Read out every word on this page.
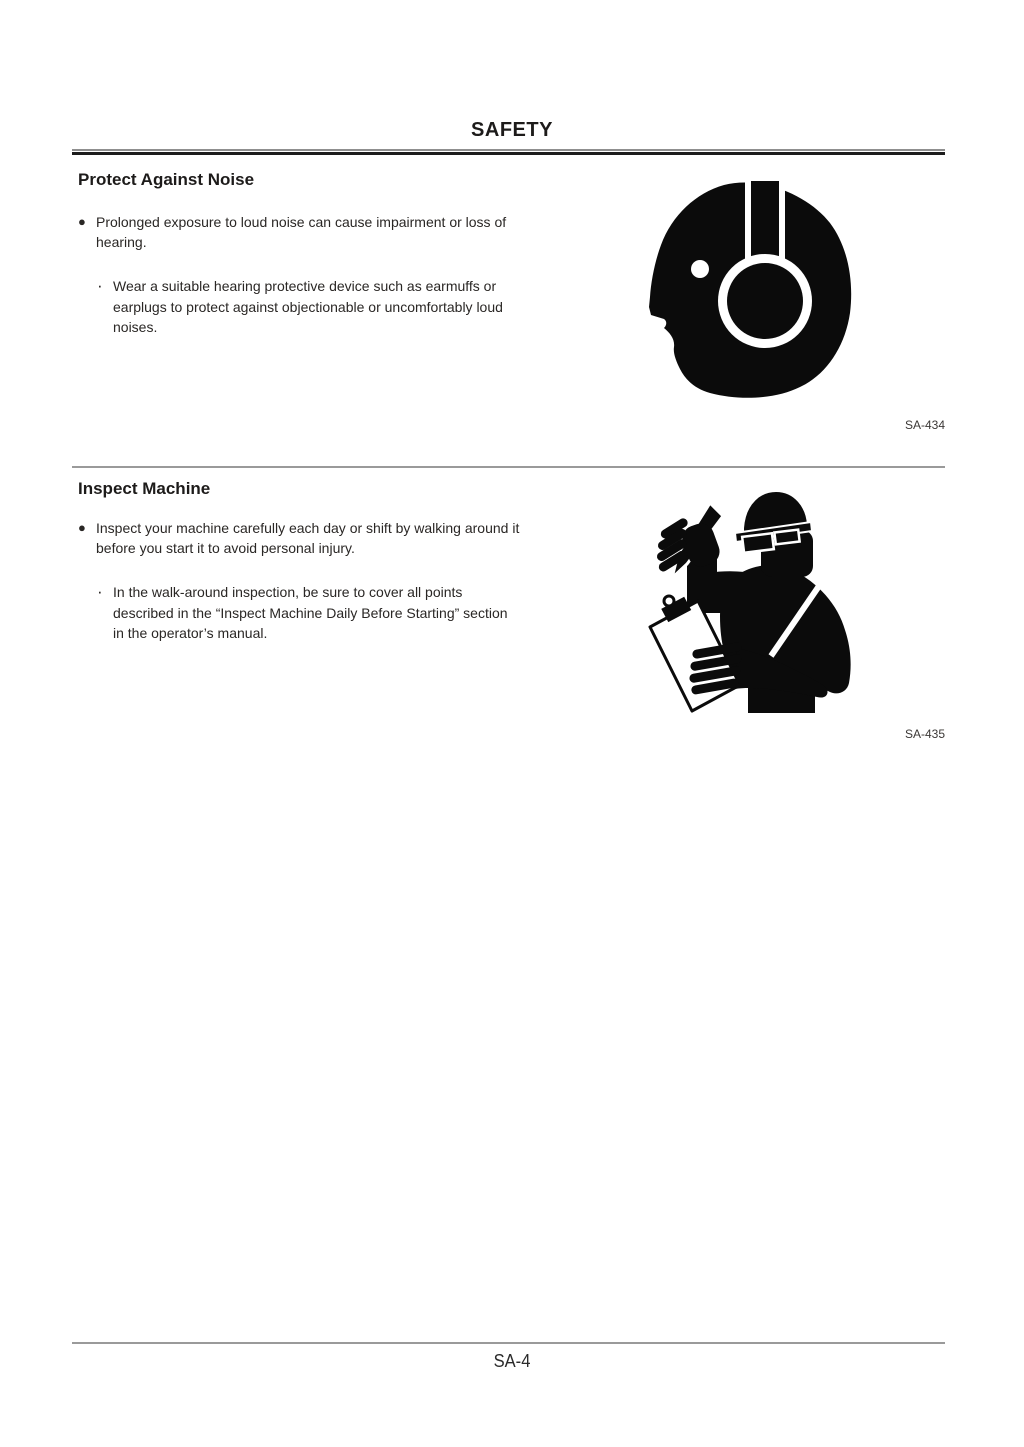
SAFETY
Protect Against Noise
● Prolonged exposure to loud noise can cause impairment or loss of hearing.

· Wear a suitable hearing protective device such as earmuffs or earplugs to protect against objectionable or uncomfortably loud noises.

SA-434
Inspect Machine
● Inspect your machine carefully each day or shift by walking around it before you start it to avoid personal injury.

· In the walk-around inspection, be sure to cover all points described in the “Inspect Machine Daily Before Starting” section in the operator’s manual.

SA-435
SA-4
